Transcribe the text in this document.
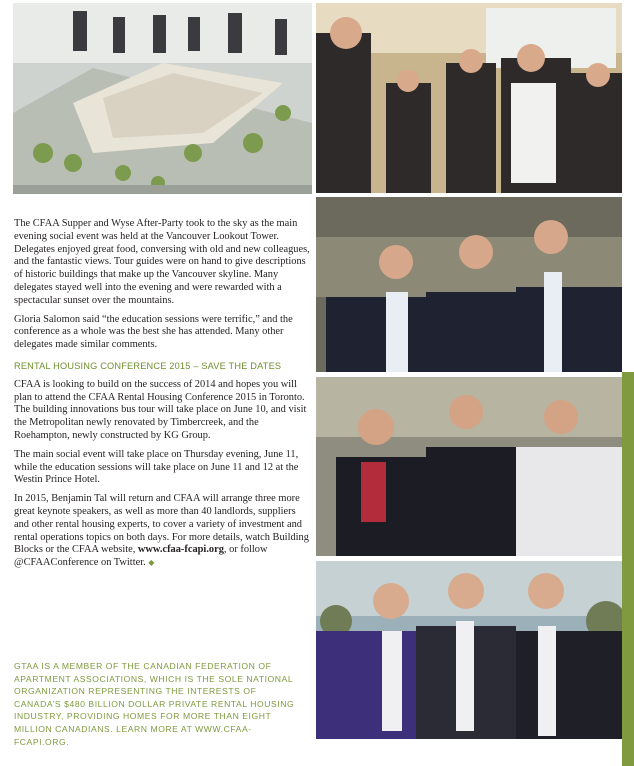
The CFAA Supper and Wyse After-Party took to the sky as the main evening social event was held at the Vancouver Lookout Tower. Delegates enjoyed great food, conversing with old and new colleagues, and the fantastic views. Tour guides were on hand to give descriptions of historic buildings that make up the Vancouver skyline. Many delegates stayed well into the evening and were rewarded with a spectacular sunset over the mountains.

Gloria Salomon said “the education sessions were terrific,” and the conference as a whole was the best she has attended. Many other delegates made similar comments.

RENTAL HOUSING CONFERENCE 2015 – SAVE THE DATES

CFAA is looking to build on the success of 2014 and hopes you will plan to attend the CFAA Rental Housing Conference 2015 in Toronto. The building innovations bus tour will take place on June 10, and visit the Metropolitan newly renovated by Timbercreek, and the Roehampton, newly constructed by KG Group.

The main social event will take place on Thursday evening, June 11, while the education sessions will take place on June 11 and 12 at the Westin Prince Hotel.

In 2015, Benjamin Tal will return and CFAA will arrange three more great keynote speakers, as well as more than 40 landlords, suppliers and other rental housing experts, to cover a variety of investment and rental operations topics on both days. For more details, watch Building Blocks or the CFAA website, www.cfaa-fcapi.org, or follow @CFAAConference on Twitter. ◆

GTAA IS A MEMBER OF THE CANADIAN FEDERATION OF APARTMENT ASSOCIATIONS, WHICH IS THE SOLE NATIONAL ORGANIZATION REPRESENTING THE INTERESTS OF CANADA’S $480 BILLION DOLLAR PRIVATE RENTAL HOUSING INDUSTRY, PROVIDING HOMES FOR MORE THAN EIGHT MILLION CANADIANS. LEARN MORE AT WWW.CFAA-FCAPI.ORG.
